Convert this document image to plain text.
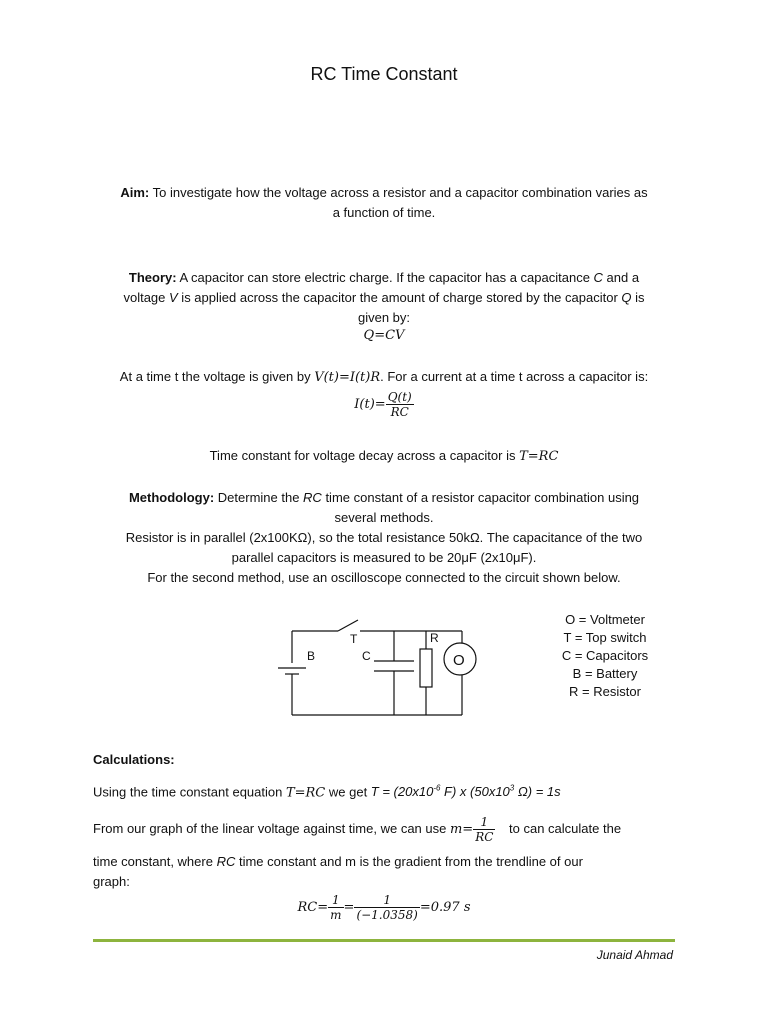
RC Time Constant
Aim: To investigate how the voltage across a resistor and a capacitor combination varies as
a function of time.
Theory: A capacitor can store electric charge. If the capacitor has a capacitance C and a
voltage V is applied across the capacitor the amount of charge stored by the capacitor Q is
given by:
Q=CV
At a time t the voltage is given by V(t)=I(t)R. For a current at a time t across a capacitor is:
$I(t)= \frac{Q(t)}{RC}$
Time constant for voltage decay across a capacitor is T=RC
Methodology: Determine the RC time constant of a resistor capacitor combination using
several methods.
Resistor is in parallel (2x100KΩ), so the total resistance 50kΩ. The capacitance of the two
parallel capacitors is measured to be 20μF (2x10μF).
For the second method, use an oscilloscope connected to the circuit shown below.
T	R
B	C	O
O = Voltmeter
T = Top switch
C = Capacitors
B = Battery
R = Resistor
Calculations:
Using the time constant equation T=RC we get $T = (20x10^{-6}$ F) x ($50x10^3$ Ω) = 1s
From our graph of the linear voltage against time, we can use $m= \frac{1}{RC}$ to can calculate the
time constant, where RC time constant and m is the gradient from the trendline of our
graph:
$RC= \frac{1}{m} = \frac{1}{(-1.0358)} =0.97$ s
Junaid Ahmad
